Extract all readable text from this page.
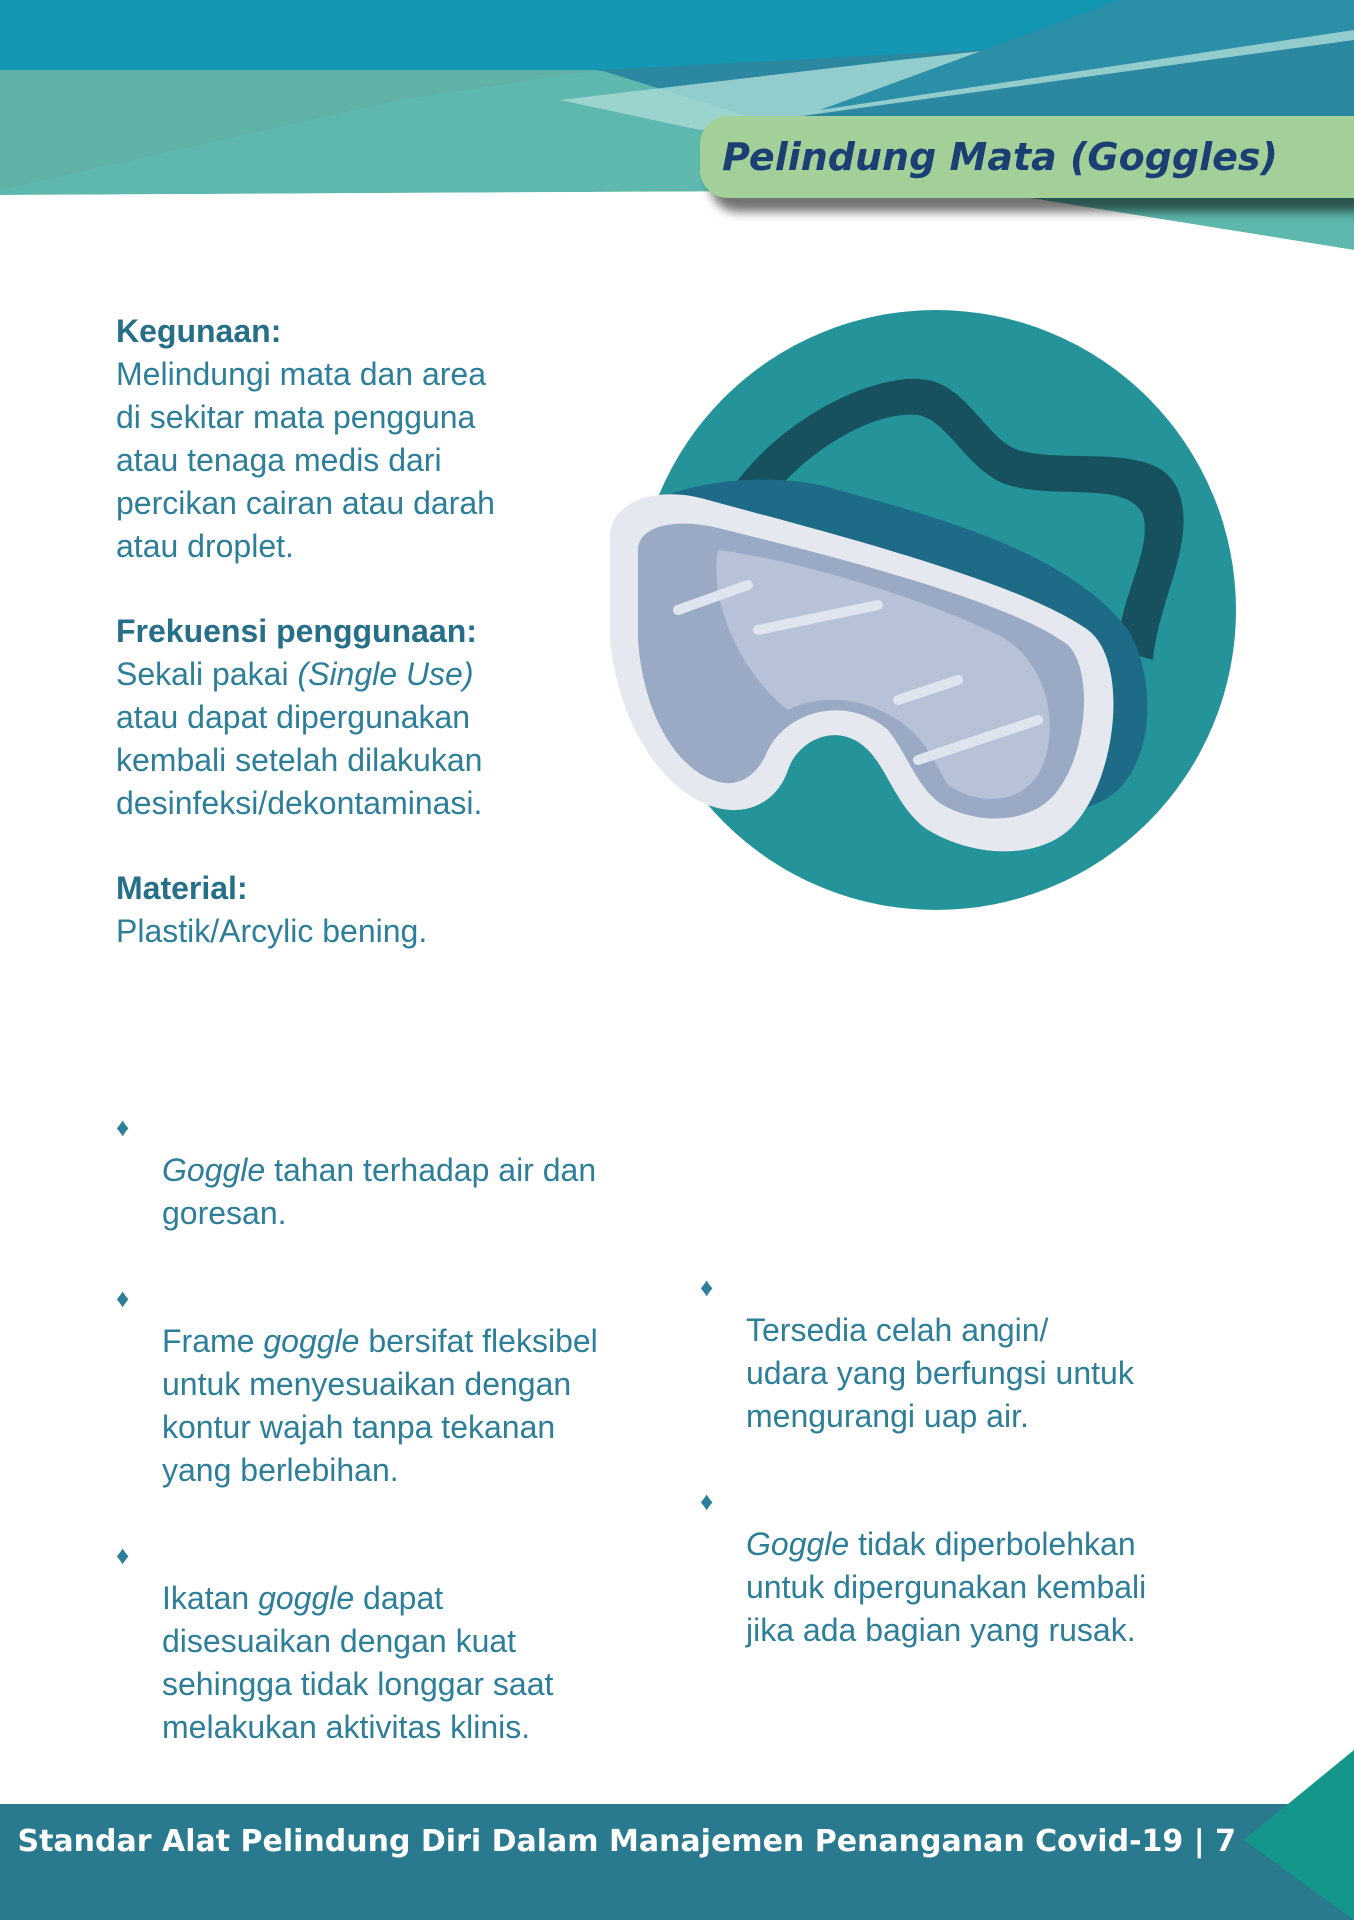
Pelindung Mata (Goggles)
Kegunaan:

Melindungi mata dan area
di sekitar mata pengguna
atau tenaga medis dari
percikan cairan atau darah
atau droplet.

Frekuensi penggunaan:

Sekali pakai (Single Use)
atau dapat dipergunakan
kembali setelah dilakukan
desinfeksi/dekontaminasi.

Material:

Plastik/Arcylic bening.

♦
Goggle tahan terhadap air dan
goresan.

♦
Frame goggle bersifat fleksibel
untuk menyesuaikan dengan
kontur wajah tanpa tekanan
yang berlebihan.

♦
Ikatan goggle dapat
disesuaikan dengan kuat
sehingga tidak longgar saat
melakukan aktivitas klinis.

♦
Tersedia celah angin/
udara yang berfungsi untuk
mengurangi uap air.

♦
Goggle tidak diperbolehkan
untuk dipergunakan kembali
jika ada bagian yang rusak.

Standar Alat Pelindung Diri Dalam Manajemen Penanganan Covid-19 | 7
